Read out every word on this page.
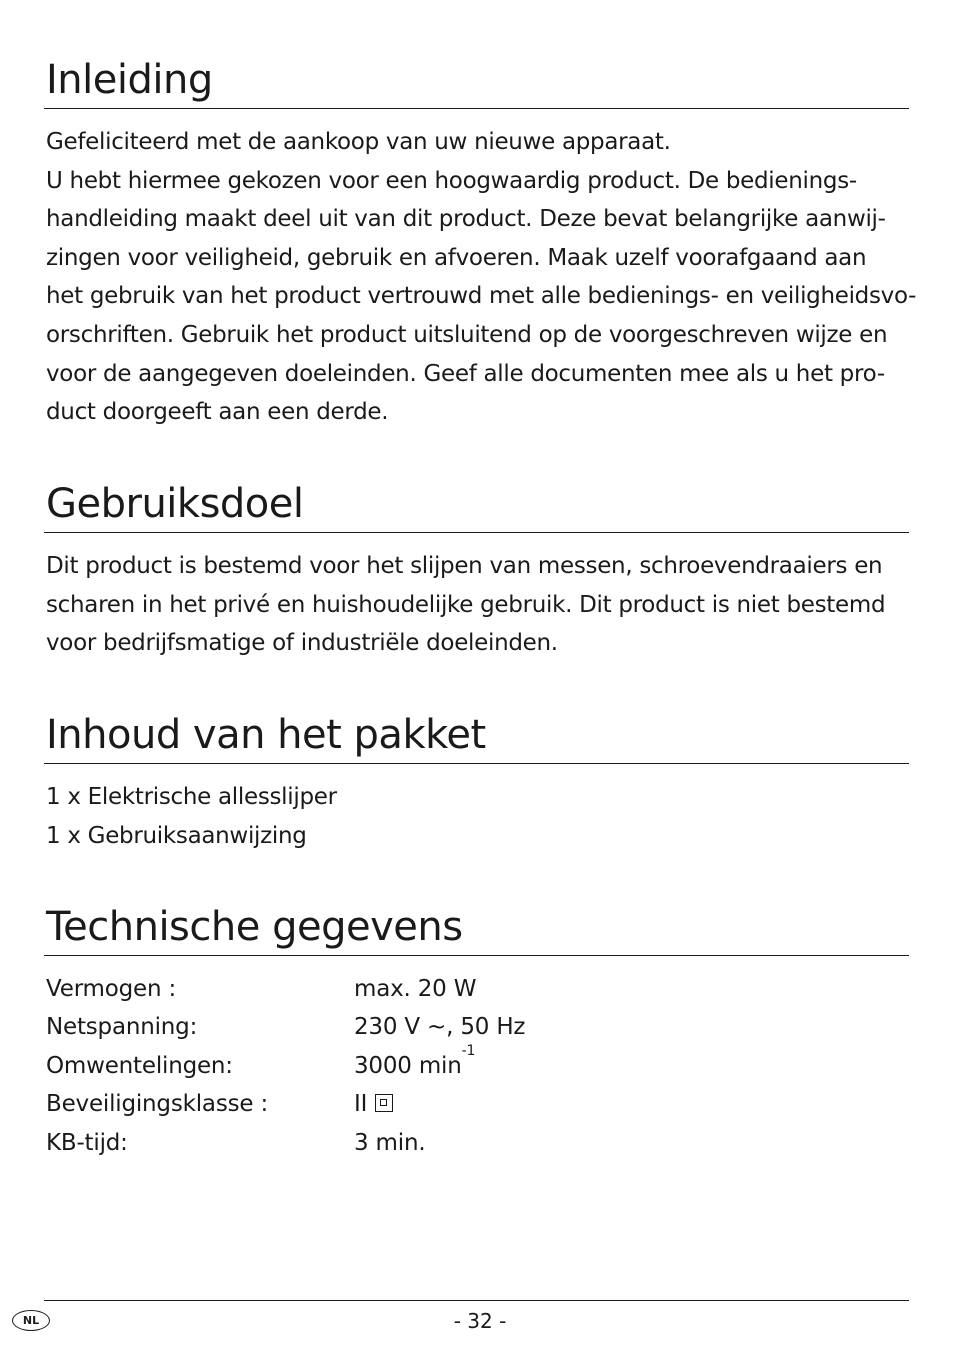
Inleiding
Gefeliciteerd met de aankoop van uw nieuwe apparaat.
U hebt hiermee gekozen voor een hoogwaardig product. De bedienings-
handleiding maakt deel uit van dit product. Deze bevat belangrijke aanwij-
zingen voor veiligheid, gebruik en afvoeren. Maak uzelf voorafgaand aan
het gebruik van het product vertrouwd met alle bedienings- en veiligheidsvo-
orschriften. Gebruik het product uitsluitend op de voorgeschreven wijze en
voor de aangegeven doeleinden. Geef alle documenten mee als u het pro-
duct doorgeeft aan een derde.
Gebruiksdoel
Dit product is bestemd voor het slijpen van messen, schroevendraaiers en
scharen in het privé en huishoudelijke gebruik. Dit product is niet bestemd
voor bedrijfsmatige of industriële doeleinden.
Inhoud van het pakket
1 x Elektrische allesslijper
1 x Gebruiksaanwijzing
Technische gegevens
Vermogen :	max. 20 W
Netspanning:	230 V ~, 50 Hz
Omwentelingen:	3000 $\min^{-1}$
Beveiligingsklasse :	II
KB-tijd:	3 min.
NL	- 32 -
